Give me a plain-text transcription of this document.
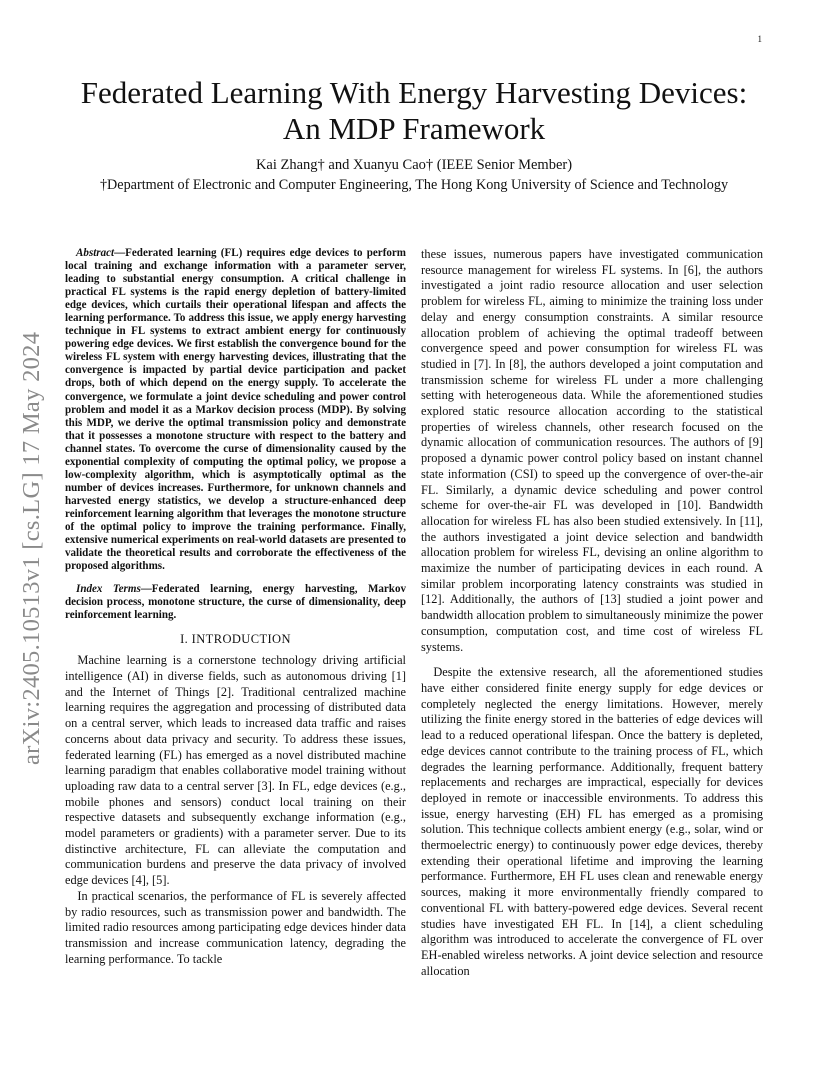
1
arXiv:2405.10513v1 [cs.LG] 17 May 2024
Federated Learning With Energy Harvesting Devices: An MDP Framework
Kai Zhang† and Xuanyu Cao† (IEEE Senior Member)
†Department of Electronic and Computer Engineering, The Hong Kong University of Science and Technology

Abstract—Federated learning (FL) requires edge devices to perform local training and exchange information with a parameter server, leading to substantial energy consumption. A critical challenge in practical FL systems is the rapid energy depletion of battery-limited edge devices, which curtails their operational lifespan and affects the learning performance. To address this issue, we apply energy harvesting technique in FL systems to extract ambient energy for continuously powering edge devices. We first establish the convergence bound for the wireless FL system with energy harvesting devices, illustrating that the convergence is impacted by partial device participation and packet drops, both of which depend on the energy supply. To accelerate the convergence, we formulate a joint device scheduling and power control problem and model it as a Markov decision process (MDP). By solving this MDP, we derive the optimal transmission policy and demonstrate that it possesses a monotone structure with respect to the battery and channel states. To overcome the curse of dimensionality caused by the exponential complexity of computing the optimal policy, we propose a low-complexity algorithm, which is asymptotically optimal as the number of devices increases. Furthermore, for unknown channels and harvested energy statistics, we develop a structure-enhanced deep reinforcement learning algorithm that leverages the monotone structure of the optimal policy to improve the training performance. Finally, extensive numerical experiments on real-world datasets are presented to validate the theoretical results and corroborate the effectiveness of the proposed algorithms.

Index Terms—Federated learning, energy harvesting, Markov decision process, monotone structure, the curse of dimensionality, deep reinforcement learning.

I. INTRODUCTION

Machine learning is a cornerstone technology driving artificial intelligence (AI) in diverse fields, such as autonomous driving [1] and the Internet of Things [2]. Traditional centralized machine learning requires the aggregation and processing of distributed data on a central server, which leads to increased data traffic and raises concerns about data privacy and security. To address these issues, federated learning (FL) has emerged as a novel distributed machine learning paradigm that enables collaborative model training without uploading raw data to a central server [3]. In FL, edge devices (e.g., mobile phones and sensors) conduct local training on their respective datasets and subsequently exchange information (e.g., model parameters or gradients) with a parameter server. Due to its distinctive architecture, FL can alleviate the computation and communication burdens and preserve the data privacy of involved edge devices [4], [5].

In practical scenarios, the performance of FL is severely affected by radio resources, such as transmission power and bandwidth. The limited radio resources among participating edge devices hinder data transmission and increase communication latency, degrading the learning performance. To tackle

these issues, numerous papers have investigated communication resource management for wireless FL systems. In [6], the authors investigated a joint radio resource allocation and user selection problem for wireless FL, aiming to minimize the training loss under delay and energy consumption constraints. A similar resource allocation problem of achieving the optimal tradeoff between convergence speed and power consumption for wireless FL was studied in [7]. In [8], the authors developed a joint computation and transmission scheme for wireless FL under a more challenging setting with heterogeneous data. While the aforementioned studies explored static resource allocation according to the statistical properties of wireless channels, other research focused on the dynamic allocation of communication resources. The authors of [9] proposed a dynamic power control policy based on instant channel state information (CSI) to speed up the convergence of over-the-air FL. Similarly, a dynamic device scheduling and power control scheme for over-the-air FL was developed in [10]. Bandwidth allocation for wireless FL has also been studied extensively. In [11], the authors investigated a joint device selection and bandwidth allocation problem for wireless FL, devising an online algorithm to maximize the number of participating devices in each round. A similar problem incorporating latency constraints was studied in [12]. Additionally, the authors of [13] studied a joint power and bandwidth allocation problem to simultaneously minimize the power consumption, computation cost, and time cost of wireless FL systems.

Despite the extensive research, all the aforementioned studies have either considered finite energy supply for edge devices or completely neglected the energy limitations. However, merely utilizing the finite energy stored in the batteries of edge devices will lead to a reduced operational lifespan. Once the battery is depleted, edge devices cannot contribute to the training process of FL, which degrades the learning performance. Additionally, frequent battery replacements and recharges are impractical, especially for devices deployed in remote or inaccessible environments. To address this issue, energy harvesting (EH) FL has emerged as a promising solution. This technique collects ambient energy (e.g., solar, wind or thermoelectric energy) to continuously power edge devices, thereby extending their operational lifetime and improving the learning performance. Furthermore, EH FL uses clean and renewable energy sources, making it more environmentally friendly compared to conventional FL with battery-powered edge devices. Several recent studies have investigated EH FL. In [14], a client scheduling algorithm was introduced to accelerate the convergence of FL over EH-enabled wireless networks. A joint device selection and resource allocation
